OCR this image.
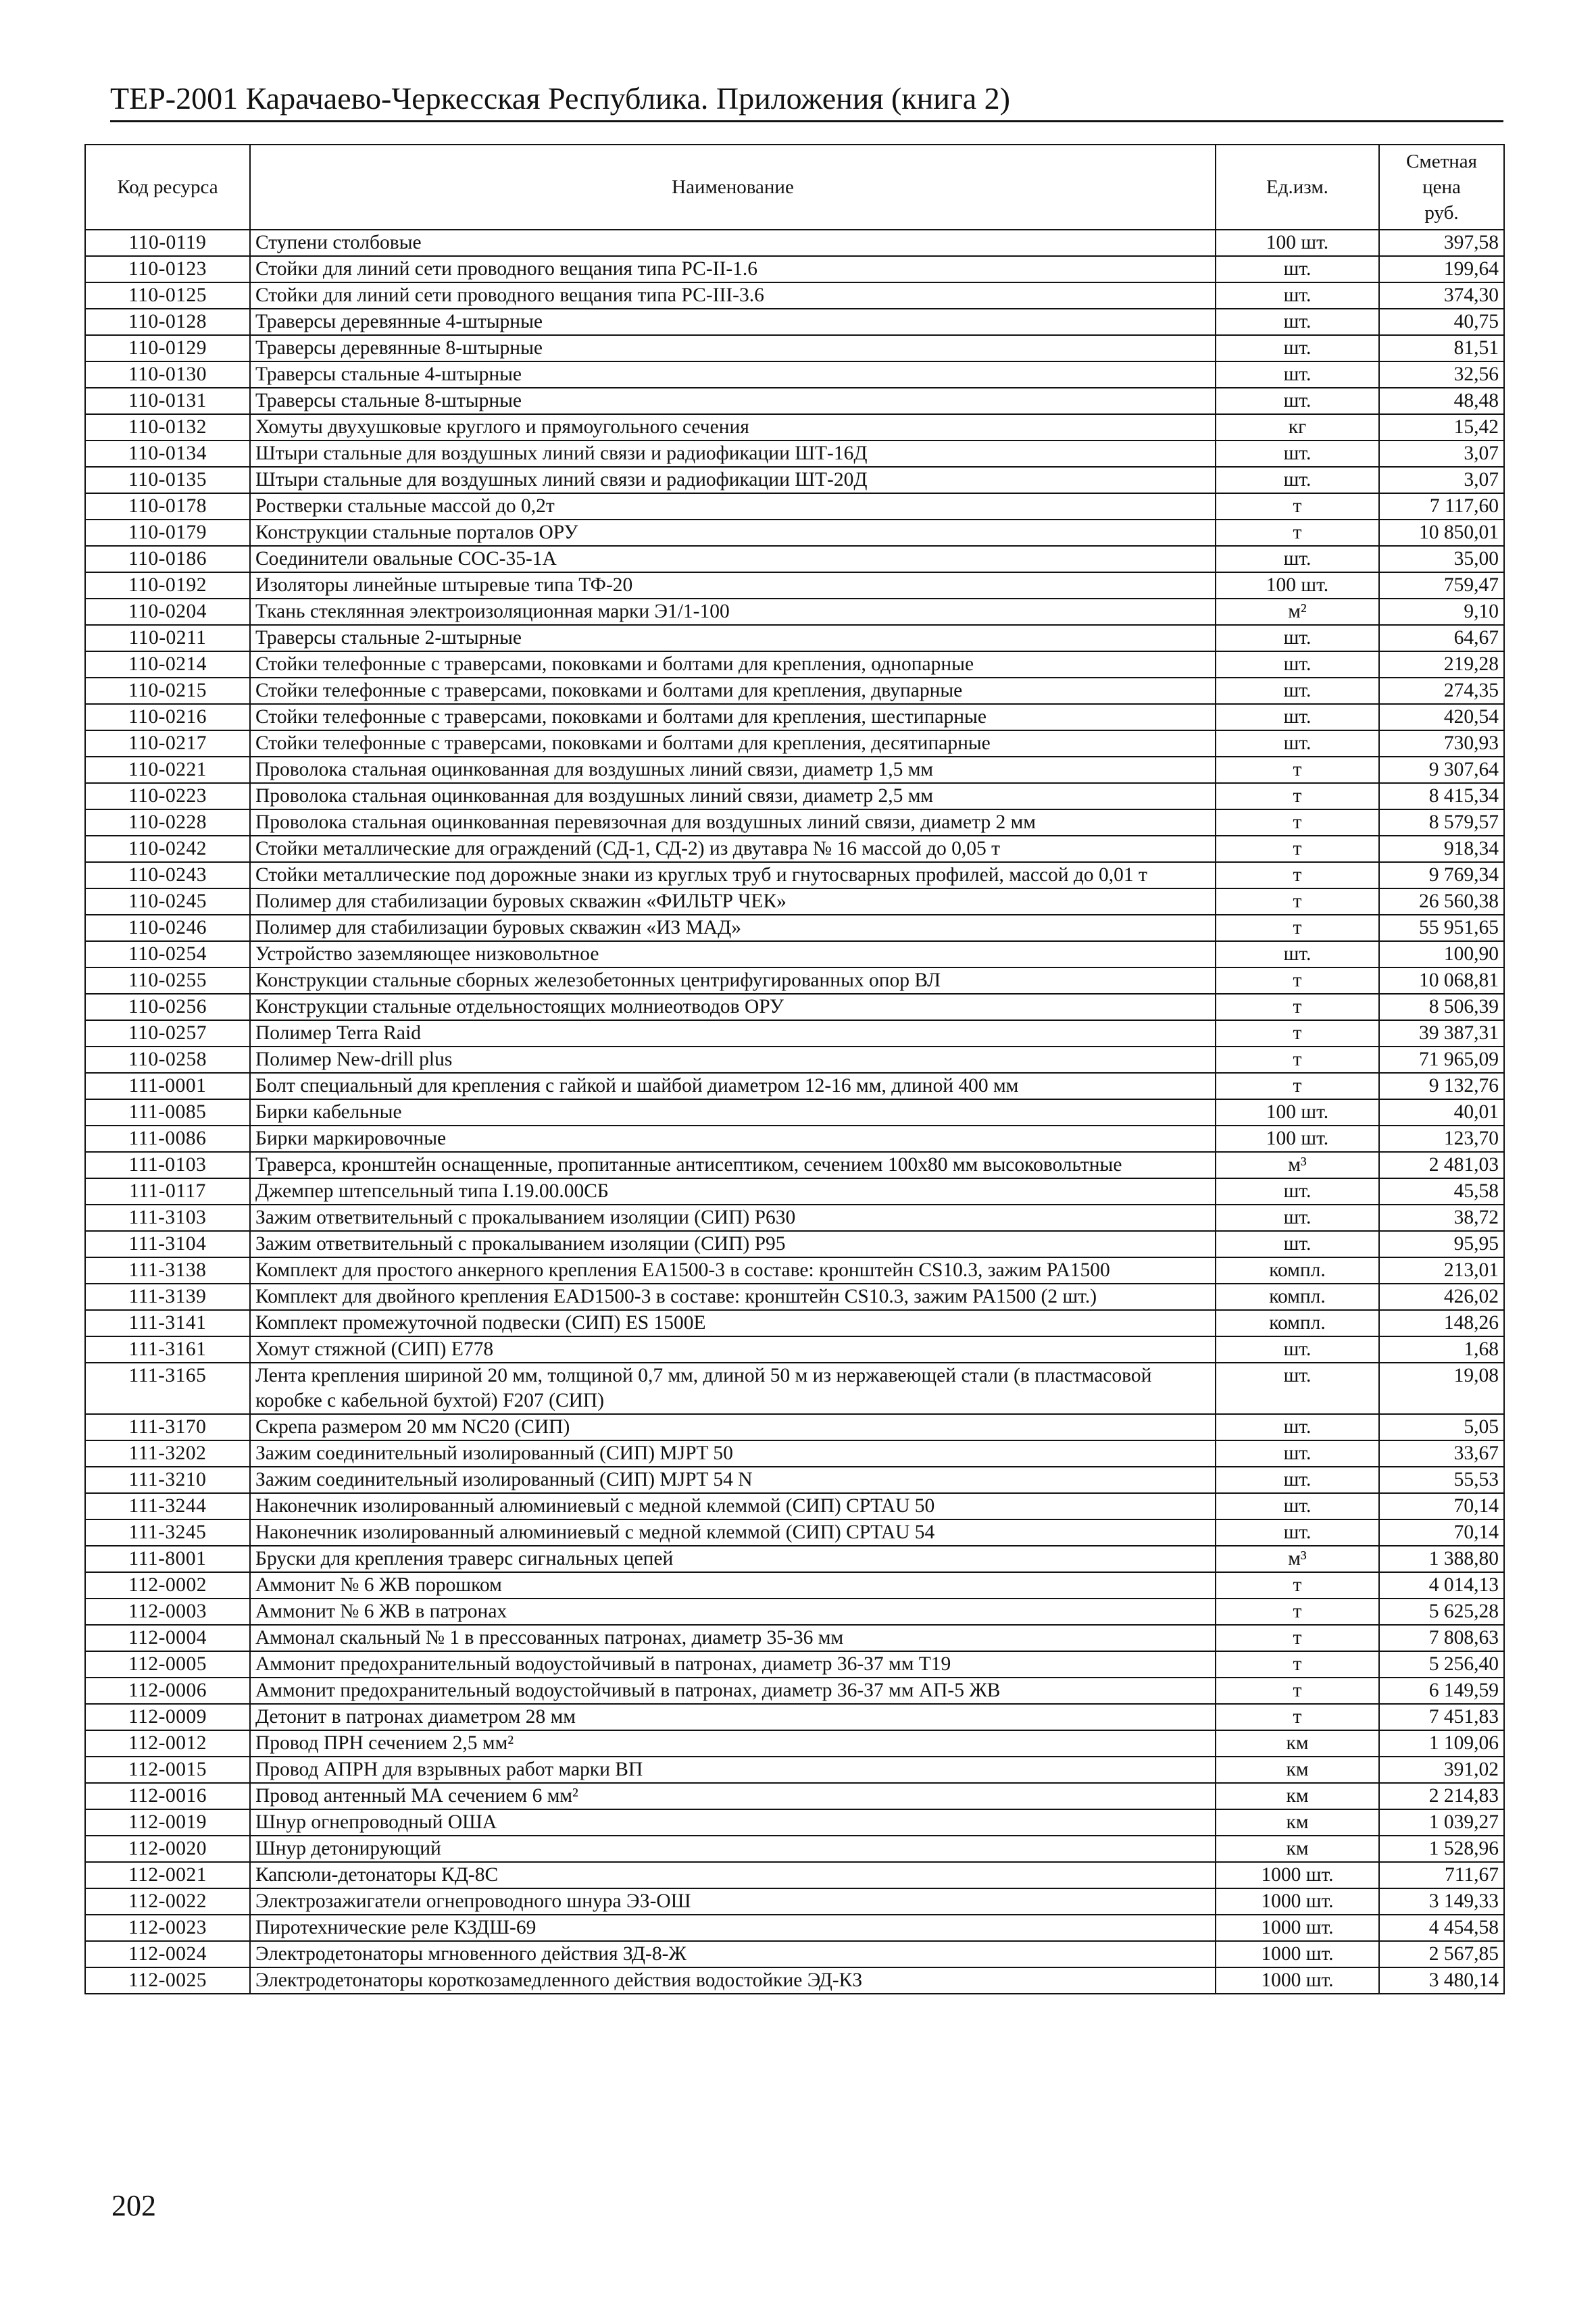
ТЕР-2001 Карачаево-Черкесская Республика. Приложения (книга 2)
Код ресурса	Наименование	Ед.изм.	Сметная
цена
руб.
110-0119	Ступени столбовые	100 шт.	397,58
110-0123	Стойки для линий сети проводного вещания типа РС-II-1.6	шт.	199,64
110-0125	Стойки для линий сети проводного вещания типа РС-III-3.6	шт.	374,30
110-0128	Траверсы деревянные 4-штырные	шт.	40,75
110-0129	Траверсы деревянные 8-штырные	шт.	81,51
110-0130	Траверсы стальные 4-штырные	шт.	32,56
110-0131	Траверсы стальные 8-штырные	шт.	48,48
110-0132	Хомуты двухушковые круглого и прямоугольного сечения	кг	15,42
110-0134	Штыри стальные для воздушных линий связи и радиофикации ШТ-16Д	шт.	3,07
110-0135	Штыри стальные для воздушных линий связи и радиофикации ШТ-20Д	шт.	3,07
110-0178	Ростверки стальные массой до 0,2т	т	7 117,60
110-0179	Конструкции стальные порталов ОРУ	т	10 850,01
110-0186	Соединители овальные СОС-35-1А	шт.	35,00
110-0192	Изоляторы линейные штыревые типа ТФ-20	100 шт.	759,47
110-0204	Ткань стеклянная электроизоляционная марки Э1/1-100	м²	9,10
110-0211	Траверсы стальные 2-штырные	шт.	64,67
110-0214	Стойки телефонные с траверсами, поковками и болтами для крепления, однопарные	шт.	219,28
110-0215	Стойки телефонные с траверсами, поковками и болтами для крепления, двупарные	шт.	274,35
110-0216	Стойки телефонные с траверсами, поковками и болтами для крепления, шестипарные	шт.	420,54
110-0217	Стойки телефонные с траверсами, поковками и болтами для крепления, десятипарные	шт.	730,93
110-0221	Проволока стальная оцинкованная для воздушных линий связи, диаметр 1,5 мм	т	9 307,64
110-0223	Проволока стальная оцинкованная для воздушных линий связи, диаметр 2,5 мм	т	8 415,34
110-0228	Проволока стальная оцинкованная перевязочная для воздушных линий связи, диаметр 2 мм	т	8 579,57
110-0242	Стойки металлические для ограждений (СД-1, СД-2) из двутавра № 16 массой до 0,05 т	т	918,34
110-0243	Стойки металлические под дорожные знаки из круглых труб и гнутосварных профилей, массой до 0,01 т	т	9 769,34
110-0245	Полимер для стабилизации буровых скважин «ФИЛЬТР ЧЕК»	т	26 560,38
110-0246	Полимер для стабилизации буровых скважин «ИЗ МАД»	т	55 951,65
110-0254	Устройство заземляющее низковольтное	шт.	100,90
110-0255	Конструкции стальные сборных железобетонных центрифугированных опор ВЛ	т	10 068,81
110-0256	Конструкции стальные отдельностоящих молниеотводов ОРУ	т	8 506,39
110-0257	Полимер Terra Raid	т	39 387,31
110-0258	Полимер New-drill plus	т	71 965,09
111-0001	Болт специальный для крепления с гайкой и шайбой диаметром 12-16 мм, длиной 400 мм	т	9 132,76
111-0085	Бирки кабельные	100 шт.	40,01
111-0086	Бирки маркировочные	100 шт.	123,70
111-0103	Траверса, кронштейн оснащенные, пропитанные антисептиком, сечением 100х80 мм высоковольтные	м³	2 481,03
111-0117	Джемпер штепсельный типа I.19.00.00СБ	шт.	45,58
111-3103	Зажим ответвительный с прокалыванием изоляции (СИП) P630	шт.	38,72
111-3104	Зажим ответвительный с прокалыванием изоляции (СИП) P95	шт.	95,95
111-3138	Комплект для простого анкерного крепления EA1500-3 в составе: кронштейн CS10.3, зажим PA1500	компл.	213,01
111-3139	Комплект для двойного крепления EAD1500-3 в составе: кронштейн CS10.3, зажим PA1500 (2 шт.)	компл.	426,02
111-3141	Комплект промежуточной подвески (СИП) ES 1500E	компл.	148,26
111-3161	Хомут стяжной (СИП) E778	шт.	1,68
111-3165	Лента крепления шириной 20 мм, толщиной 0,7 мм, длиной 50 м из нержавеющей стали (в пластмасовой коробке с кабельной бухтой) F207 (СИП)	шт.	19,08
111-3170	Скрепа размером 20 мм NC20 (СИП)	шт.	5,05
111-3202	Зажим соединительный изолированный (СИП) MJPT 50	шт.	33,67
111-3210	Зажим соединительный изолированный (СИП) MJPT 54 N	шт.	55,53
111-3244	Наконечник изолированный алюминиевый с медной клеммой (СИП) CPTAU 50	шт.	70,14
111-3245	Наконечник изолированный алюминиевый с медной клеммой (СИП) CPTAU 54	шт.	70,14
111-8001	Бруски для крепления траверс сигнальных цепей	м³	1 388,80
112-0002	Аммонит № 6 ЖВ порошком	т	4 014,13
112-0003	Аммонит № 6 ЖВ в патронах	т	5 625,28
112-0004	Аммонал скальный № 1 в прессованных патронах, диаметр 35-36 мм	т	7 808,63
112-0005	Аммонит предохранительный водоустойчивый в патронах, диаметр 36-37 мм Т19	т	5 256,40
112-0006	Аммонит предохранительный водоустойчивый в патронах, диаметр 36-37 мм АП-5 ЖВ	т	6 149,59
112-0009	Детонит в патронах диаметром 28 мм	т	7 451,83
112-0012	Провод ПРН сечением 2,5 мм²	км	1 109,06
112-0015	Провод АПРН для взрывных работ марки ВП	км	391,02
112-0016	Провод антенный МА сечением 6 мм²	км	2 214,83
112-0019	Шнур огнепроводный ОША	км	1 039,27
112-0020	Шнур детонирующий	км	1 528,96
112-0021	Капсюли-детонаторы КД-8С	1000 шт.	711,67
112-0022	Электрозажигатели огнепроводного шнура ЭЗ-ОШ	1000 шт.	3 149,33
112-0023	Пиротехнические реле КЗДШ-69	1000 шт.	4 454,58
112-0024	Электродетонаторы мгновенного действия ЗД-8-Ж	1000 шт.	2 567,85
112-0025	Электродетонаторы короткозамедленного действия водостойкие ЭД-КЗ	1000 шт.	3 480,14
202
